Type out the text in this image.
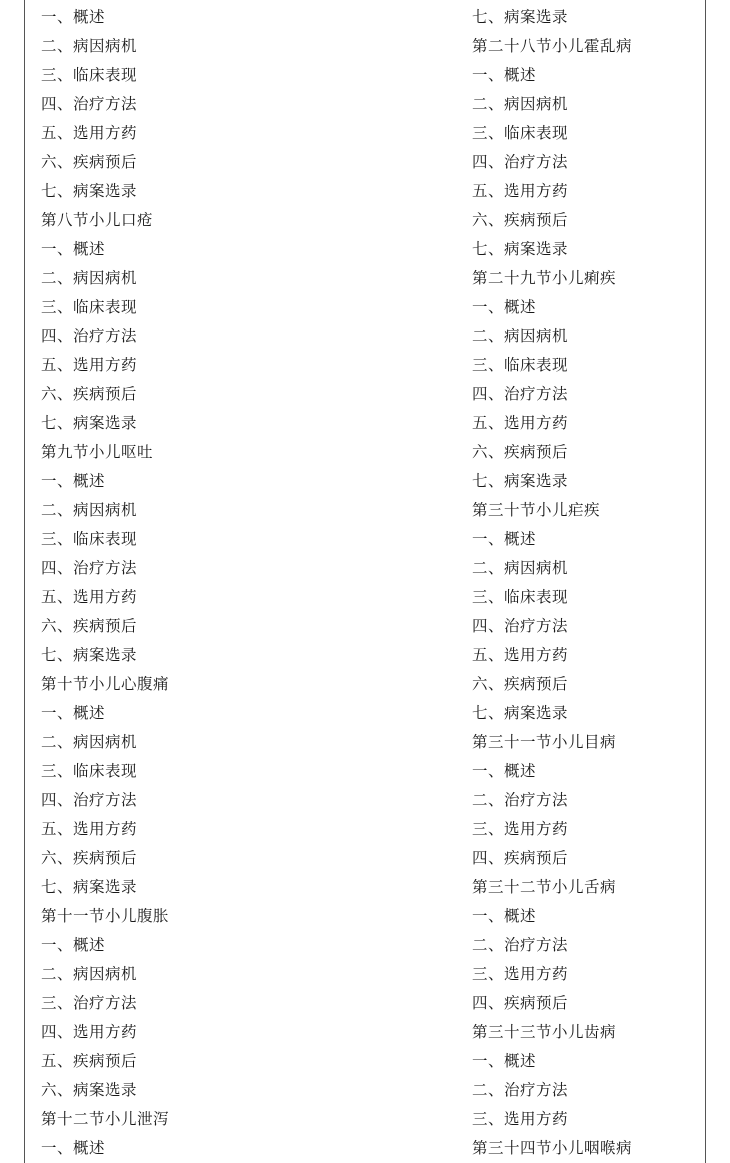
一、概述
二、病因病机
三、临床表现
四、治疗方法
五、选用方药
六、疾病预后
七、病案选录
第八节小儿口疮
一、概述
二、病因病机
三、临床表现
四、治疗方法
五、选用方药
六、疾病预后
七、病案选录
第九节小儿呕吐
一、概述
二、病因病机
三、临床表现
四、治疗方法
五、选用方药
六、疾病预后
七、病案选录
第十节小儿心腹痛
一、概述
二、病因病机
三、临床表现
四、治疗方法
五、选用方药
六、疾病预后
七、病案选录
第十一节小儿腹胀
一、概述
二、病因病机
三、治疗方法
四、选用方药
五、疾病预后
六、病案选录
第十二节小儿泄泻
一、概述
七、病案选录
第二十八节小儿霍乱病
一、概述
二、病因病机
三、临床表现
四、治疗方法
五、选用方药
六、疾病预后
七、病案选录
第二十九节小儿痢疾
一、概述
二、病因病机
三、临床表现
四、治疗方法
五、选用方药
六、疾病预后
七、病案选录
第三十节小儿疟疾
一、概述
二、病因病机
三、临床表现
四、治疗方法
五、选用方药
六、疾病预后
七、病案选录
第三十一节小儿目病
一、概述
二、治疗方法
三、选用方药
四、疾病预后
第三十二节小儿舌病
一、概述
二、治疗方法
三、选用方药
四、疾病预后
第三十三节小儿齿病
一、概述
二、治疗方法
三、选用方药
第三十四节小儿咽喉病
